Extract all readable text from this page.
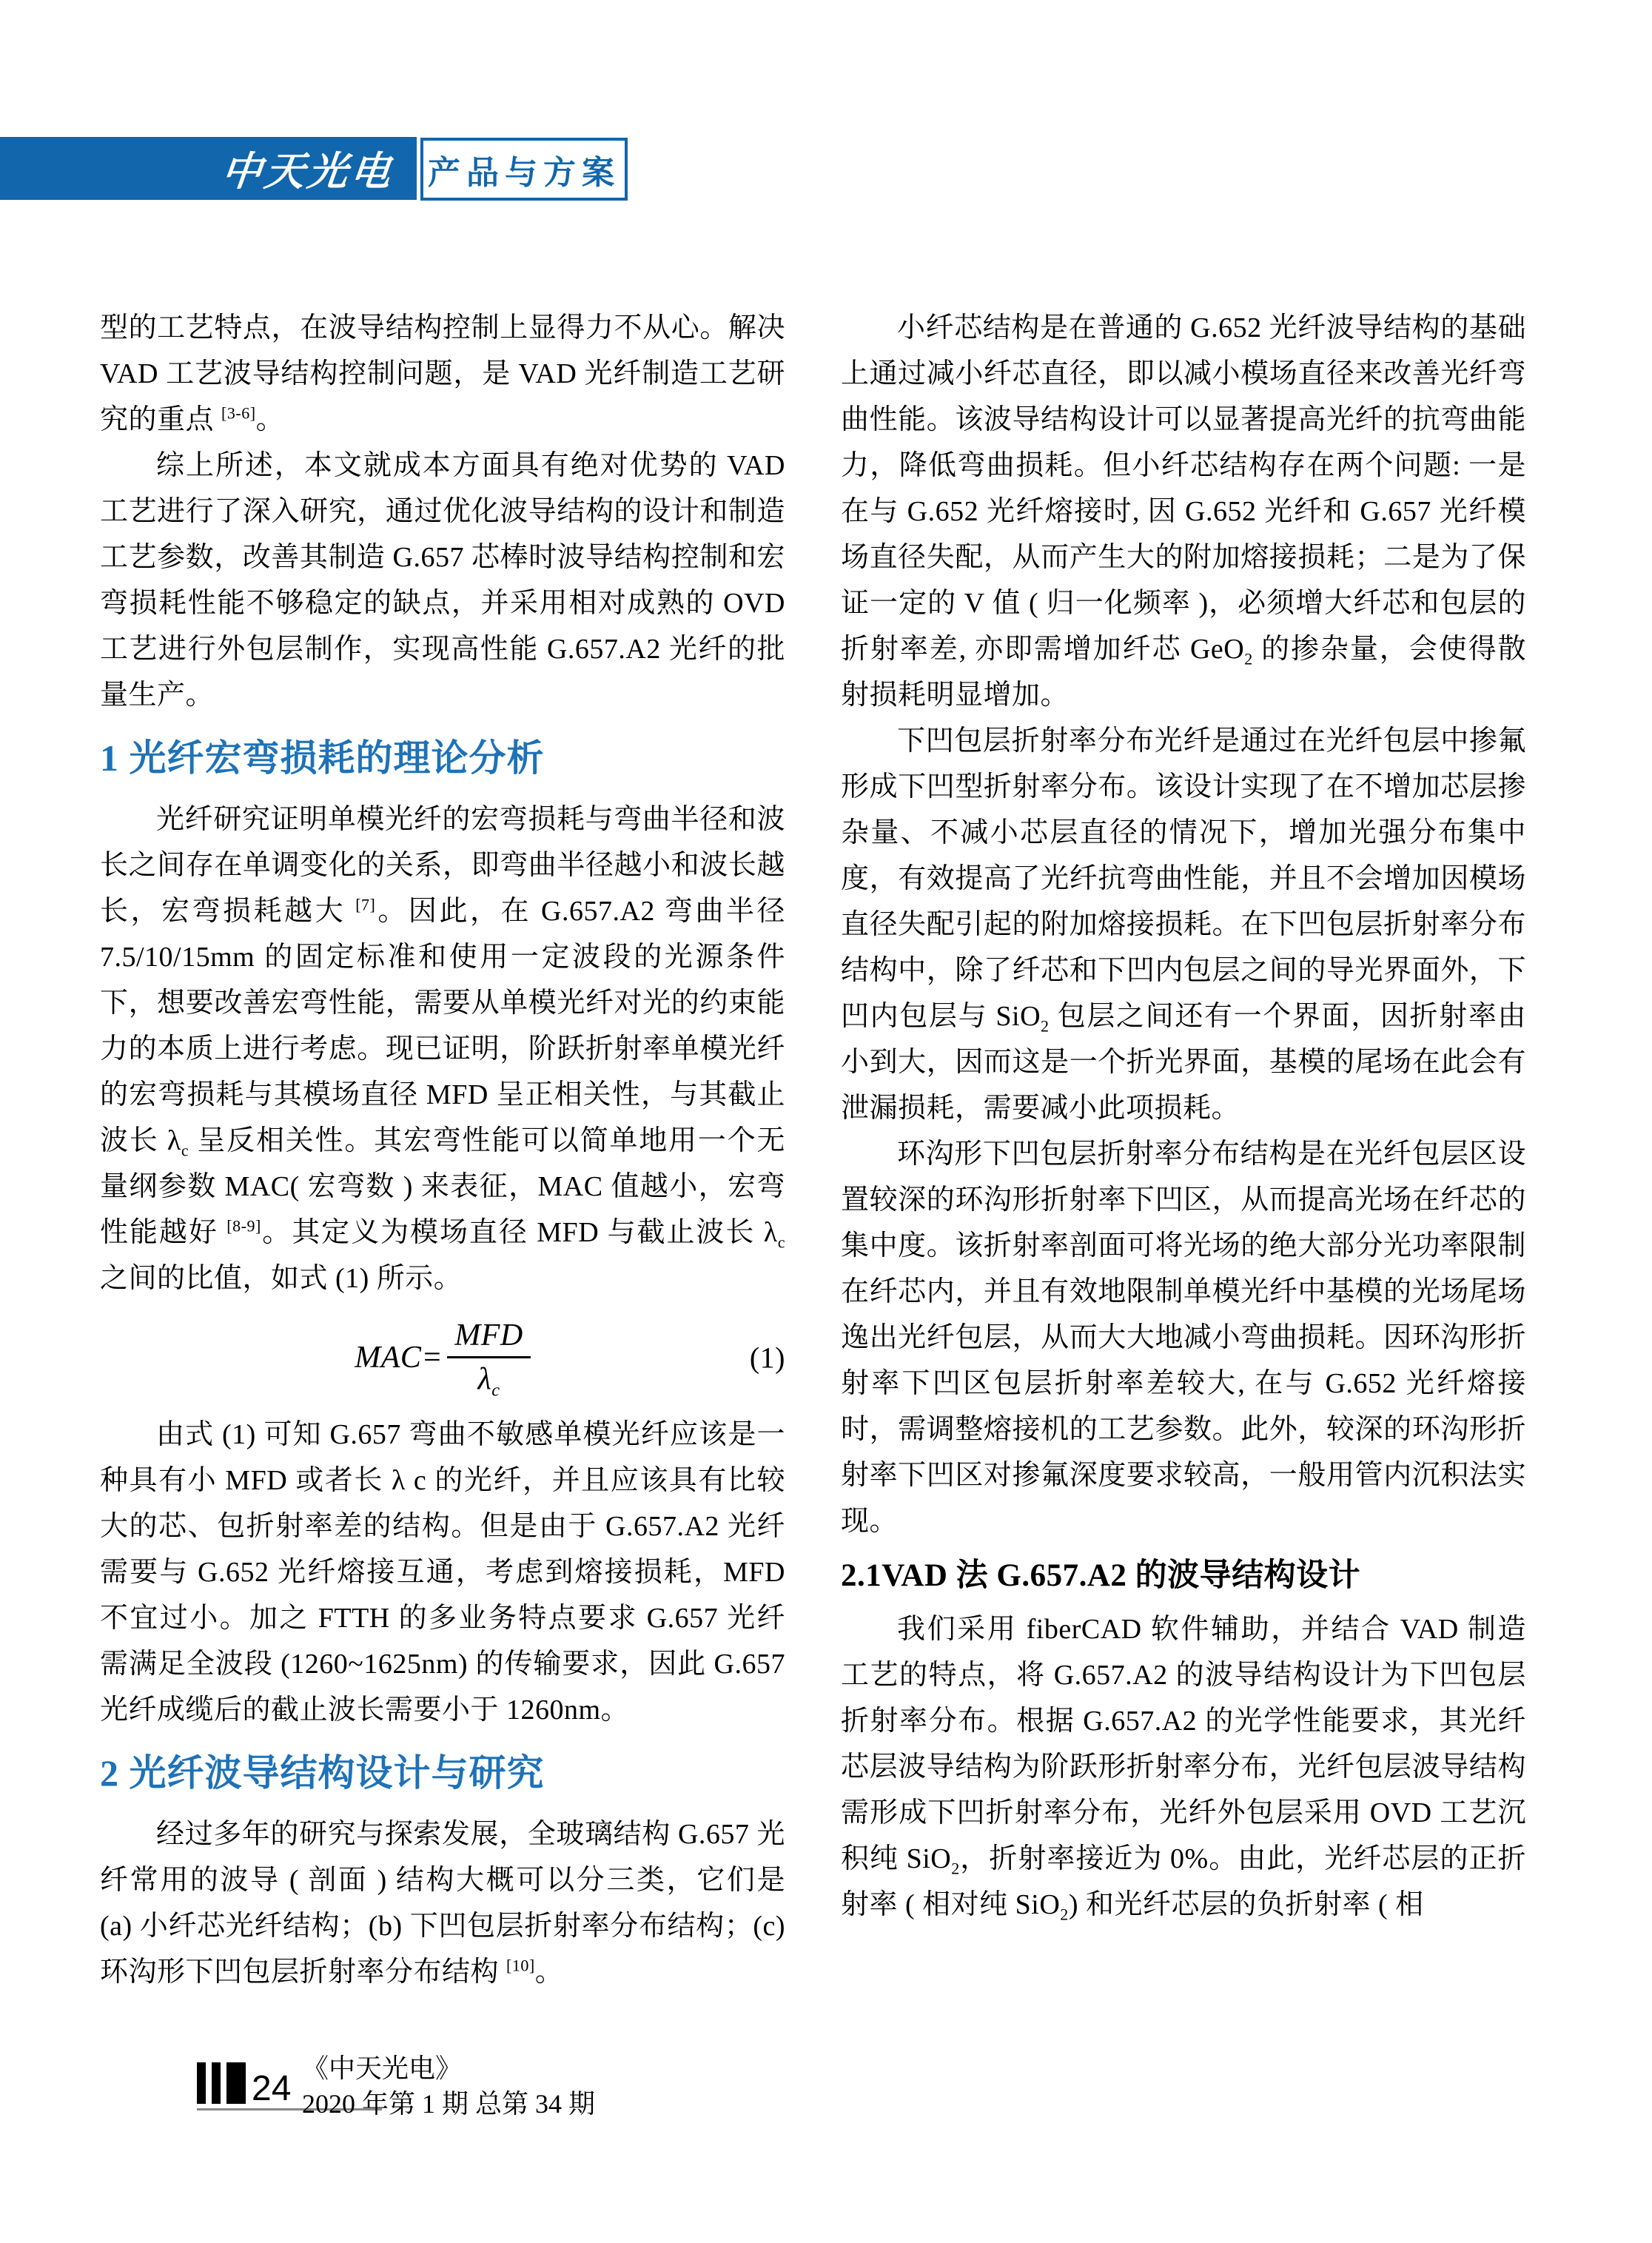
中天光电 产品与方案

型的工艺特点，在波导结构控制上显得力不从心。解决 VAD 工艺波导结构控制问题，是 VAD 光纤制造工艺研究的重点 [3-6]。

综上所述，本文就成本方面具有绝对优势的 VAD 工艺进行了深入研究，通过优化波导结构的设计和制造工艺参数，改善其制造 G.657 芯棒时波导结构控制和宏弯损耗性能不够稳定的缺点，并采用相对成熟的 OVD 工艺进行外包层制作，实现高性能 G.657.A2 光纤的批量生产。

1 光纤宏弯损耗的理论分析

光纤研究证明单模光纤的宏弯损耗与弯曲半径和波长之间存在单调变化的关系，即弯曲半径越小和波长越长，宏弯损耗越大 [7]。因此，在 G.657.A2 弯曲半径 7.5/10/15mm 的固定标准和使用一定波段的光源条件下，想要改善宏弯性能，需要从单模光纤对光的约束能力的本质上进行考虑。现已证明，阶跃折射率单模光纤的宏弯损耗与其模场直径 MFD 呈正相关性，与其截止波长 $\lambda_c$ 呈反相关性。其宏弯性能可以简单地用一个无量纲参数 MAC( 宏弯数 ) 来表征，MAC 值越小，宏弯性能越好 [8-9]。其定义为模场直径 MFD 与截止波长 $\lambda_c$ 之间的比值，如式 (1) 所示。

$MAC= \frac{\text{MFD}}{\lambda_c}$	(1)

由式 (1) 可知 G.657 弯曲不敏感单模光纤应该是一种具有小 MFD 或者长 λ c 的光纤，并且应该具有比较大的芯、包折射率差的结构。但是由于 G.657.A2 光纤需要与 G.652 光纤熔接互通，考虑到熔接损耗，MFD 不宜过小。加之 FTTH 的多业务特点要求 G.657 光纤需满足全波段 (1260~1625nm) 的传输要求，因此 G.657 光纤成缆后的截止波长需要小于 1260nm。

2 光纤波导结构设计与研究

经过多年的研究与探索发展，全玻璃结构 G.657 光纤常用的波导 ( 剖面 ) 结构大概可以分三类，它们是 (a) 小纤芯光纤结构；(b) 下凹包层折射率分布结构；(c) 环沟形下凹包层折射率分布结构 [10]。

小纤芯结构是在普通的 G.652 光纤波导结构的基础上通过减小纤芯直径，即以减小模场直径来改善光纤弯曲性能。该波导结构设计可以显著提高光纤的抗弯曲能力，降低弯曲损耗。但小纤芯结构存在两个问题: 一是在与 G.652 光纤熔接时, 因 G.652 光纤和 G.657 光纤模场直径失配，从而产生大的附加熔接损耗；二是为了保证一定的 V 值 ( 归一化频率 )，必须增大纤芯和包层的折射率差, 亦即需增加纤芯 GeO$_2$ 的掺杂量，会使得散射损耗明显增加。

下凹包层折射率分布光纤是通过在光纤包层中掺氟形成下凹型折射率分布。该设计实现了在不增加芯层掺杂量、不减小芯层直径的情况下，增加光强分布集中度，有效提高了光纤抗弯曲性能，并且不会增加因模场直径失配引起的附加熔接损耗。在下凹包层折射率分布结构中，除了纤芯和下凹内包层之间的导光界面外，下凹内包层与 SiO$_2$ 包层之间还有一个界面，因折射率由小到大，因而这是一个折光界面，基模的尾场在此会有泄漏损耗，需要减小此项损耗。

环沟形下凹包层折射率分布结构是在光纤包层区设置较深的环沟形折射率下凹区，从而提高光场在纤芯的集中度。该折射率剖面可将光场的绝大部分光功率限制在纤芯内，并且有效地限制单模光纤中基模的光场尾场逸出光纤包层，从而大大地减小弯曲损耗。因环沟形折射率下凹区包层折射率差较大, 在与 G.652 光纤熔接时，需调整熔接机的工艺参数。此外，较深的环沟形折射率下凹区对掺氟深度要求较高，一般用管内沉积法实现。

2.1VAD 法 G.657.A2 的波导结构设计

我们采用 fiberCAD 软件辅助，并结合 VAD 制造工艺的特点，将 G.657.A2 的波导结构设计为下凹包层折射率分布。根据 G.657.A2 的光学性能要求，其光纤芯层波导结构为阶跃形折射率分布，光纤包层波导结构需形成下凹折射率分布，光纤外包层采用 OVD 工艺沉积纯 SiO$_2$，折射率接近为 0%。由此，光纤芯层的正折射率 ( 相对纯 SiO$_2$) 和光纤芯层的负折射率 ( 相

24
《中天光电》
2020 年第 1 期 总第 34 期
